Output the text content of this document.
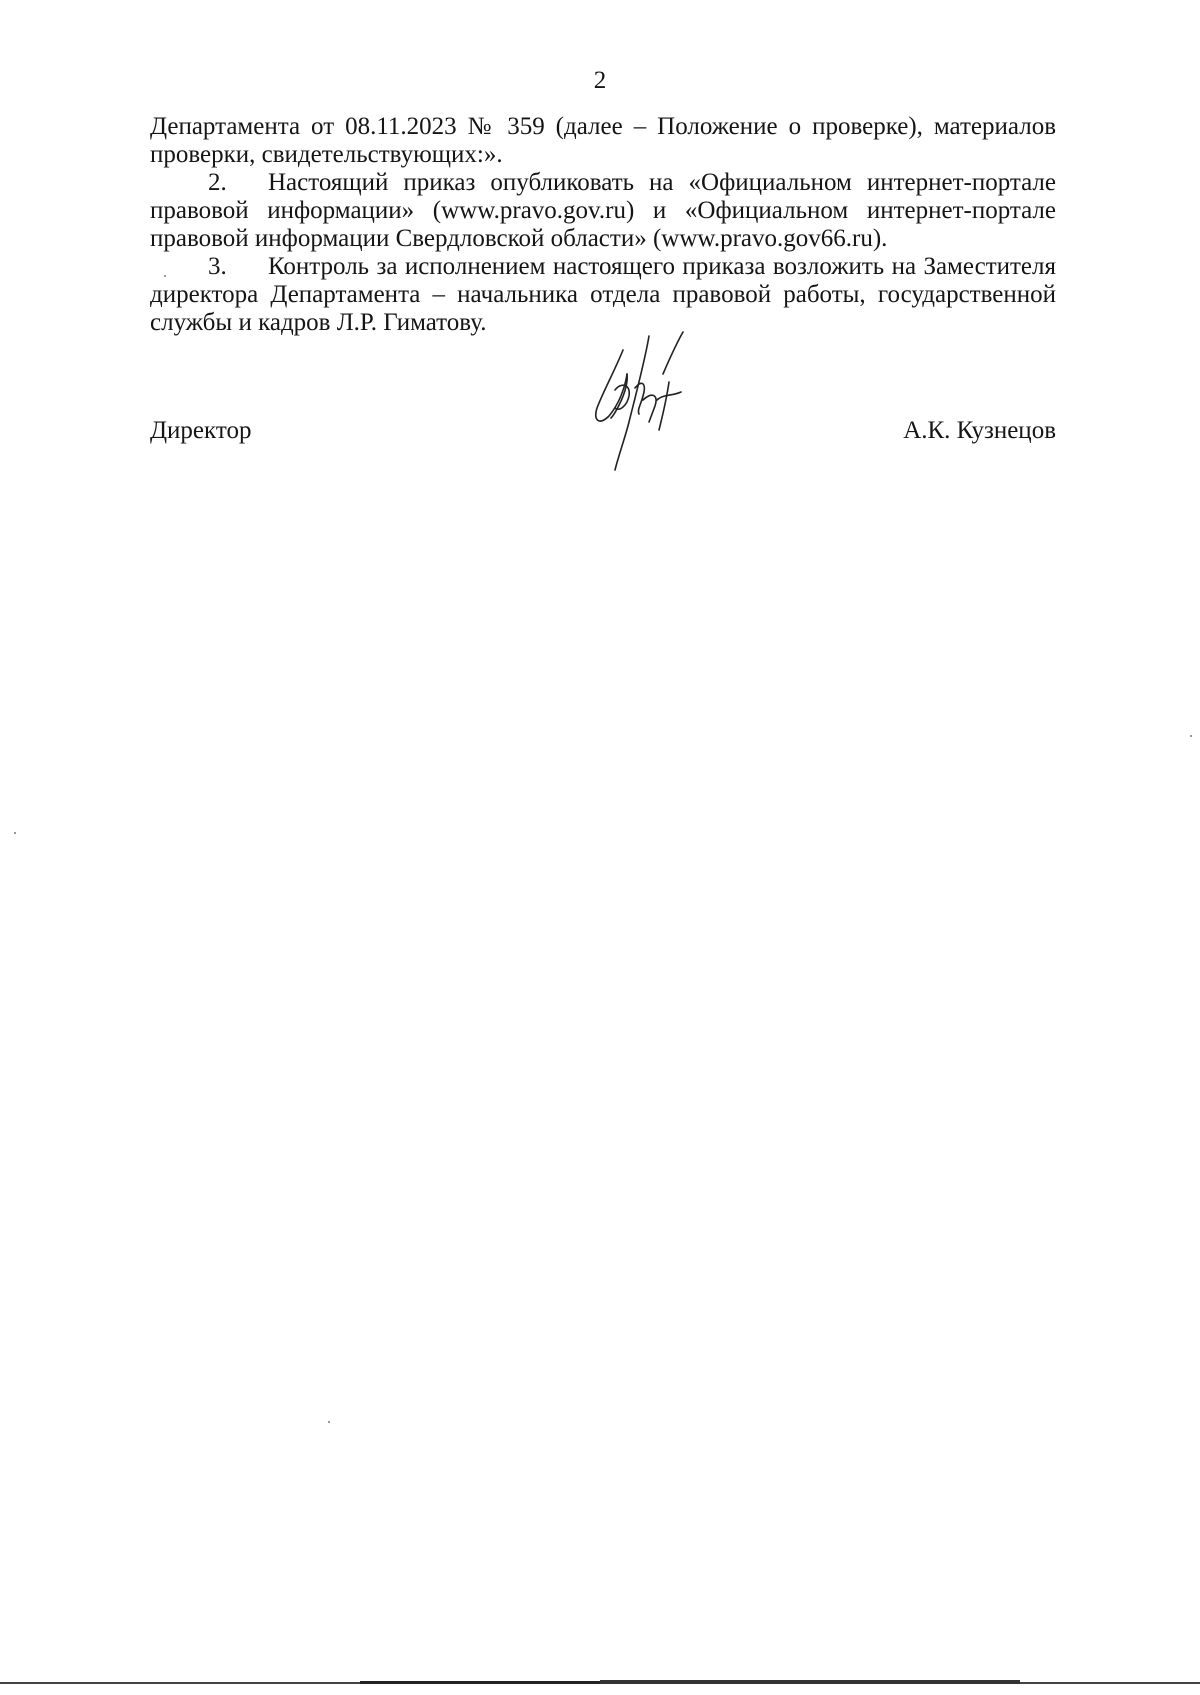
2

Департамента от 08.11.2023 № 359 (далее – Положение о проверке), материалов проверки, свидетельствующих:».

2. Настоящий приказ опубликовать на «Официальном интернет-портале правовой информации» (www.pravo.gov.ru) и «Официальном интернет-портале правовой информации Свердловской области» (www.pravo.gov66.ru).

3. Контроль за исполнением настоящего приказа возложить на Заместителя директора Департамента – начальника отдела правовой работы, государственной службы и кадров Л.Р. Гиматову.

Директор	А.К. Кузнецов
